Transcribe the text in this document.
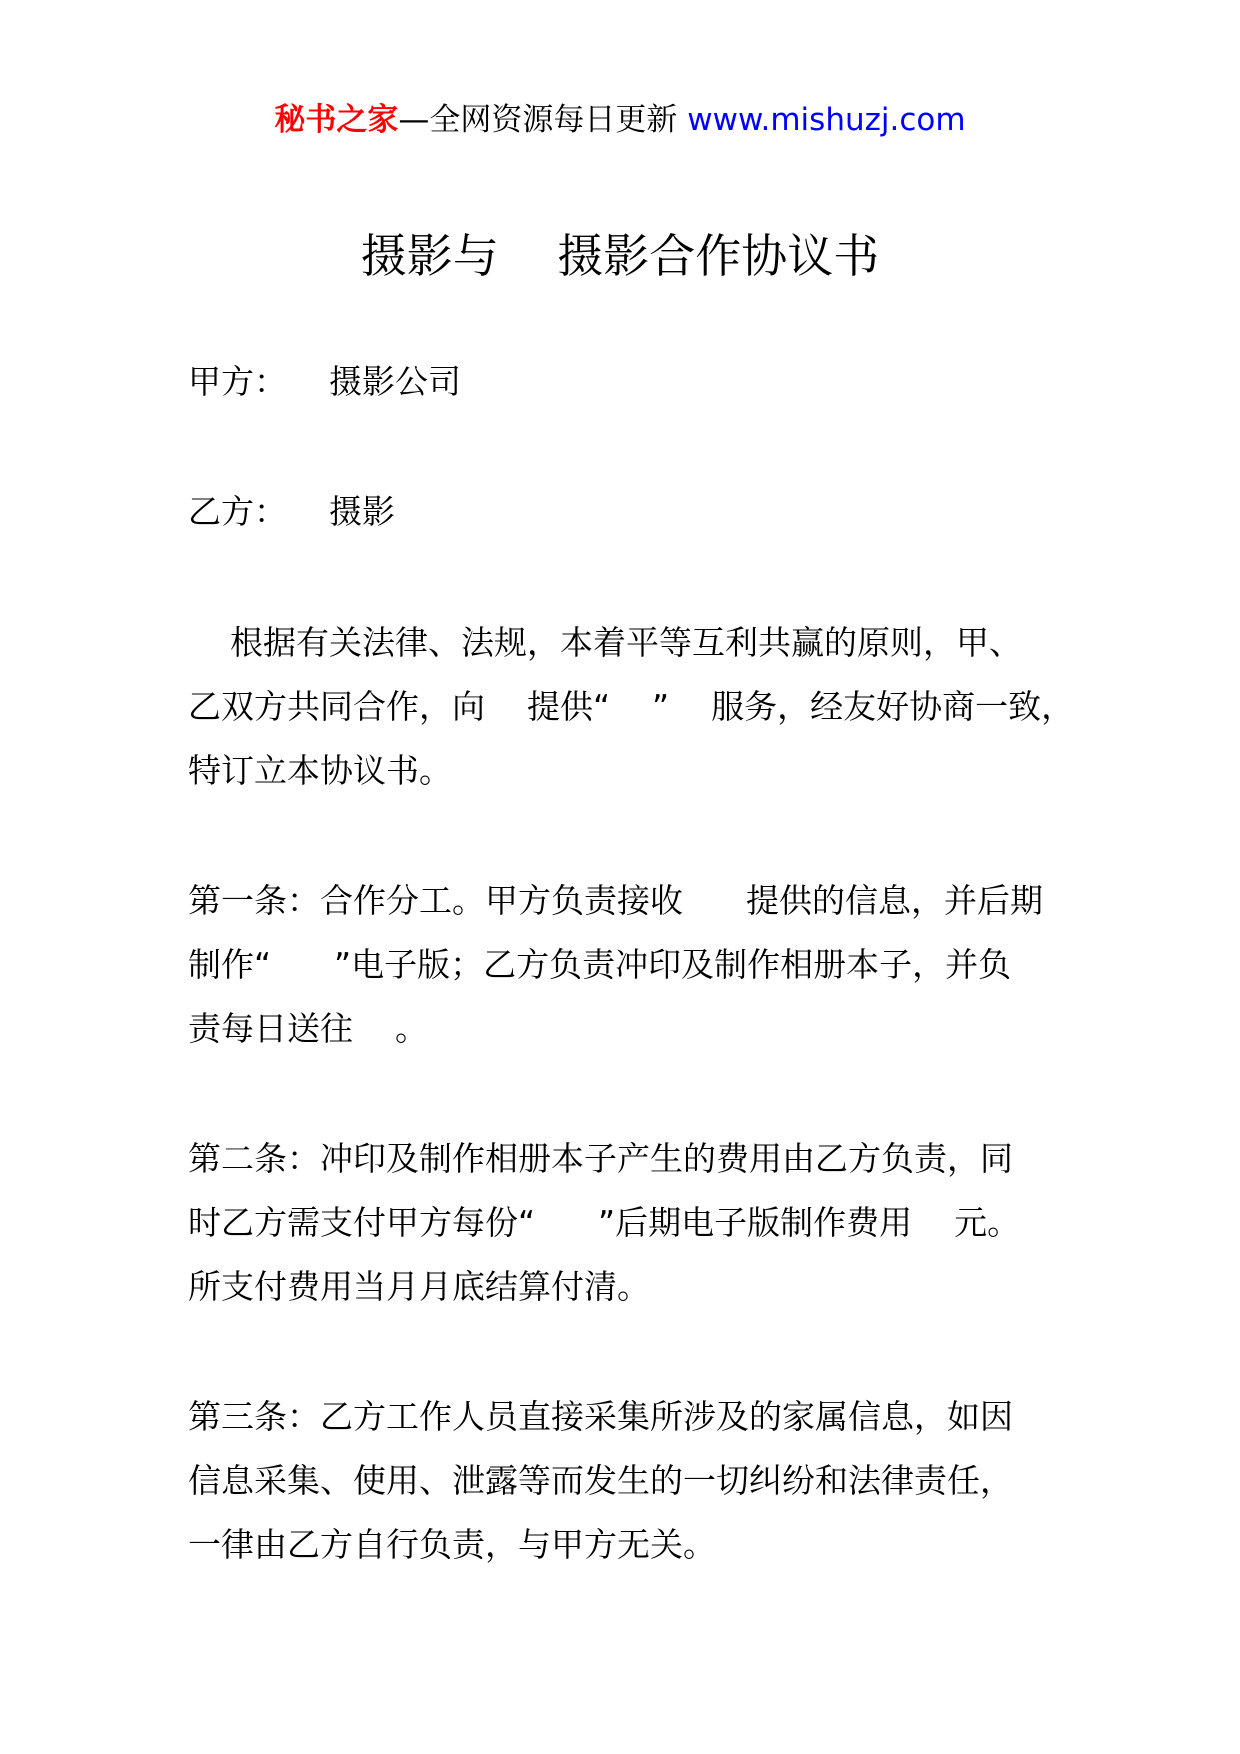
秘书之家—全网资源每日更新 www.mishuzj.com
摄影与    摄影合作协议书
甲方：    摄影公司
乙方：    摄影
根据有关法律、法规，本着平等互利共赢的原则，甲、
乙双方共同合作，向    提供“    ”    服务，经友好协商一致，
特订立本协议书。
第一条：合作分工。甲方负责接收      提供的信息，并后期
制作“      ”电子版；乙方负责冲印及制作相册本子，并负
责每日送往    。
第二条：冲印及制作相册本子产生的费用由乙方负责，同
时乙方需支付甲方每份“      ”后期电子版制作费用    元。
所支付费用当月月底结算付清。
第三条：乙方工作人员直接采集所涉及的家属信息，如因
信息采集、使用、泄露等而发生的一切纠纷和法律责任，
一律由乙方自行负责，与甲方无关。
